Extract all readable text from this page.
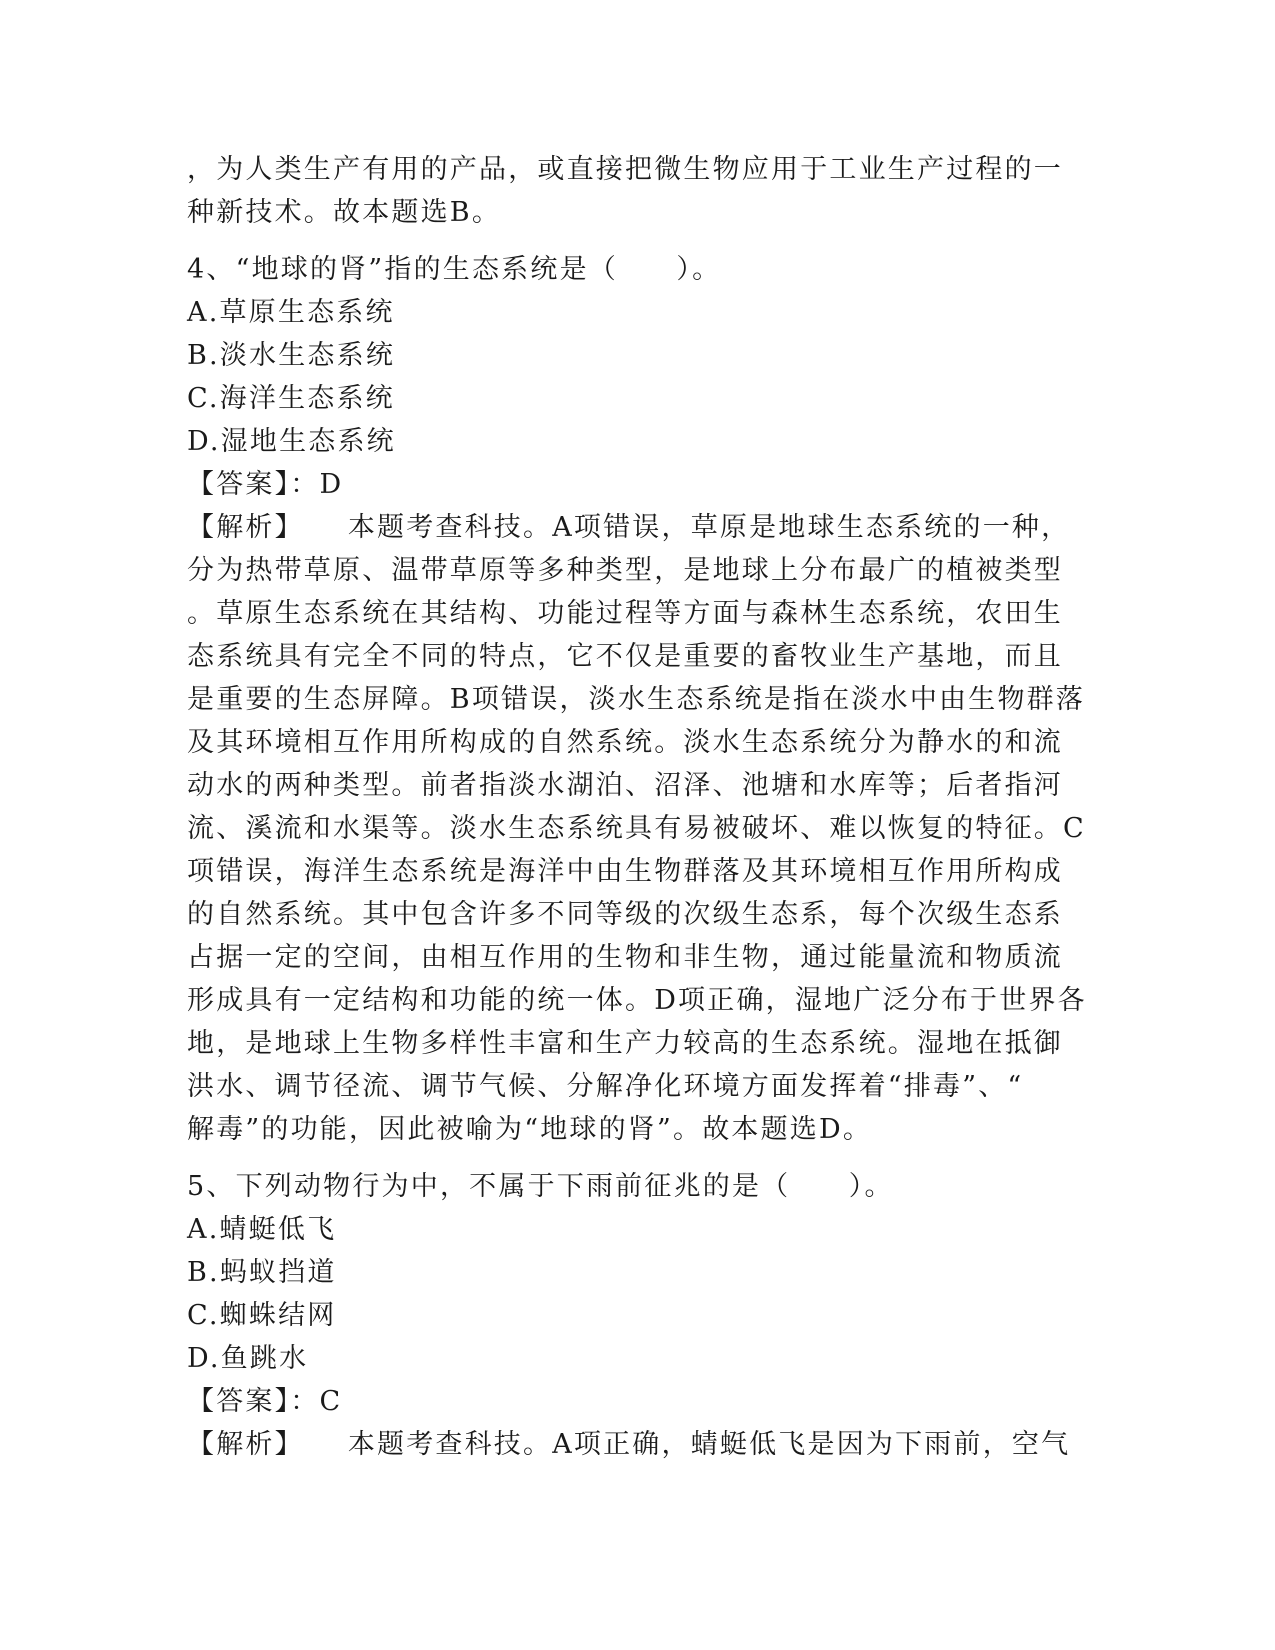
，为人类生产有用的产品，或直接把微生物应用于工业生产过程的一
种新技术。故本题选B。
4、“地球的肾”指的生态系统是（　　）。
A.草原生态系统
B.淡水生态系统
C.海洋生态系统
D.湿地生态系统
【答案】：D
【解析】 本题考查科技。A项错误，草原是地球生态系统的一种，
分为热带草原、温带草原等多种类型，是地球上分布最广的植被类型
。草原生态系统在其结构、功能过程等方面与森林生态系统，农田生
态系统具有完全不同的特点，它不仅是重要的畜牧业生产基地，而且
是重要的生态屏障。B项错误，淡水生态系统是指在淡水中由生物群落
及其环境相互作用所构成的自然系统。淡水生态系统分为静水的和流
动水的两种类型。前者指淡水湖泊、沼泽、池塘和水库等；后者指河
流、溪流和水渠等。淡水生态系统具有易被破坏、难以恢复的特征。C
项错误，海洋生态系统是海洋中由生物群落及其环境相互作用所构成
的自然系统。其中包含许多不同等级的次级生态系，每个次级生态系
占据一定的空间，由相互作用的生物和非生物，通过能量流和物质流
形成具有一定结构和功能的统一体。D项正确，湿地广泛分布于世界各
地，是地球上生物多样性丰富和生产力较高的生态系统。湿地在抵御
洪水、调节径流、调节气候、分解净化环境方面发挥着“排毒”、“
解毒”的功能，因此被喻为“地球的肾”。故本题选D。
5、下列动物行为中，不属于下雨前征兆的是（　　）。
A.蜻蜓低飞
B.蚂蚁挡道
C.蜘蛛结网
D.鱼跳水
【答案】：C
【解析】 本题考查科技。A项正确，蜻蜓低飞是因为下雨前，空气
